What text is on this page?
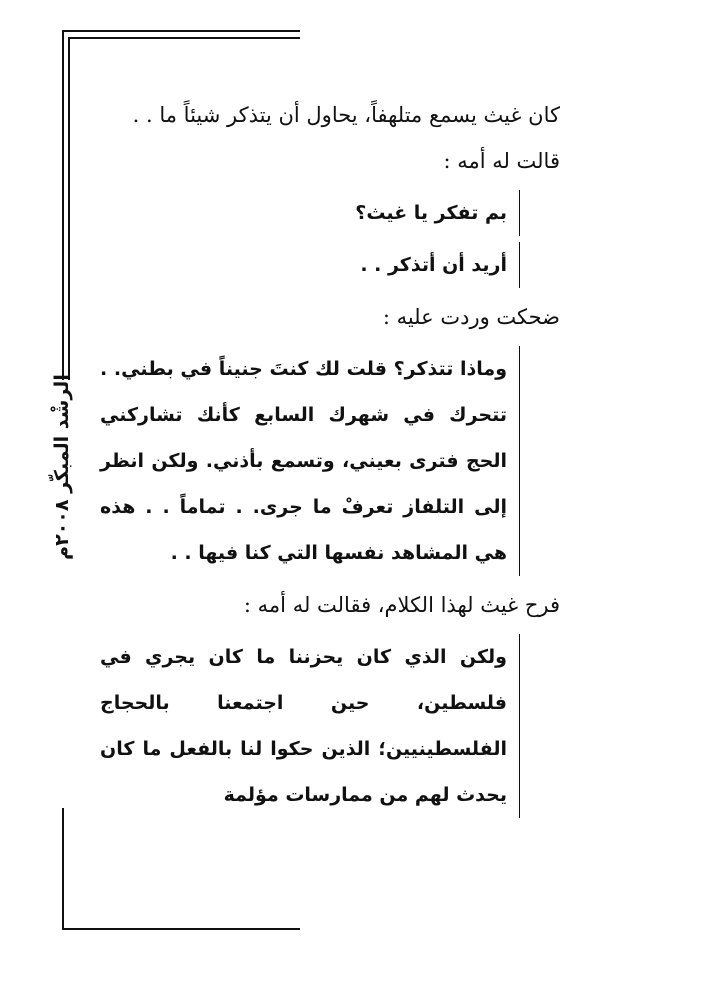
الرشْد المبكّر ٢٠٠٨م

كان غيث يسمع متلهفاً، يحاول أن يتذكر شيئاً ما . . قالت له أمه :

بم تفكر يا غيث؟

أريد أن أتذكر . .

ضحكت وردت عليه :

وماذا تتذكر؟ قلت لك كنتَ جنيناً في بطني. . تتحرك في شهرك السابع كأنك تشاركني الحج فترى بعيني، وتسمع بأذني. ولكن انظر إلى التلفاز تعرفْ ما جرى. . تماماً . . هذه هي المشاهد نفسها التي كنا فيها . .

فرح غيث لهذا الكلام، فقالت له أمه :

ولكن الذي كان يحزننا ما كان يجري في فلسطين، حين اجتمعنا بالحجاج الفلسطينيين؛ الذين حكوا لنا بالفعل ما كان يحدث لهم من ممارسات مؤلمة
